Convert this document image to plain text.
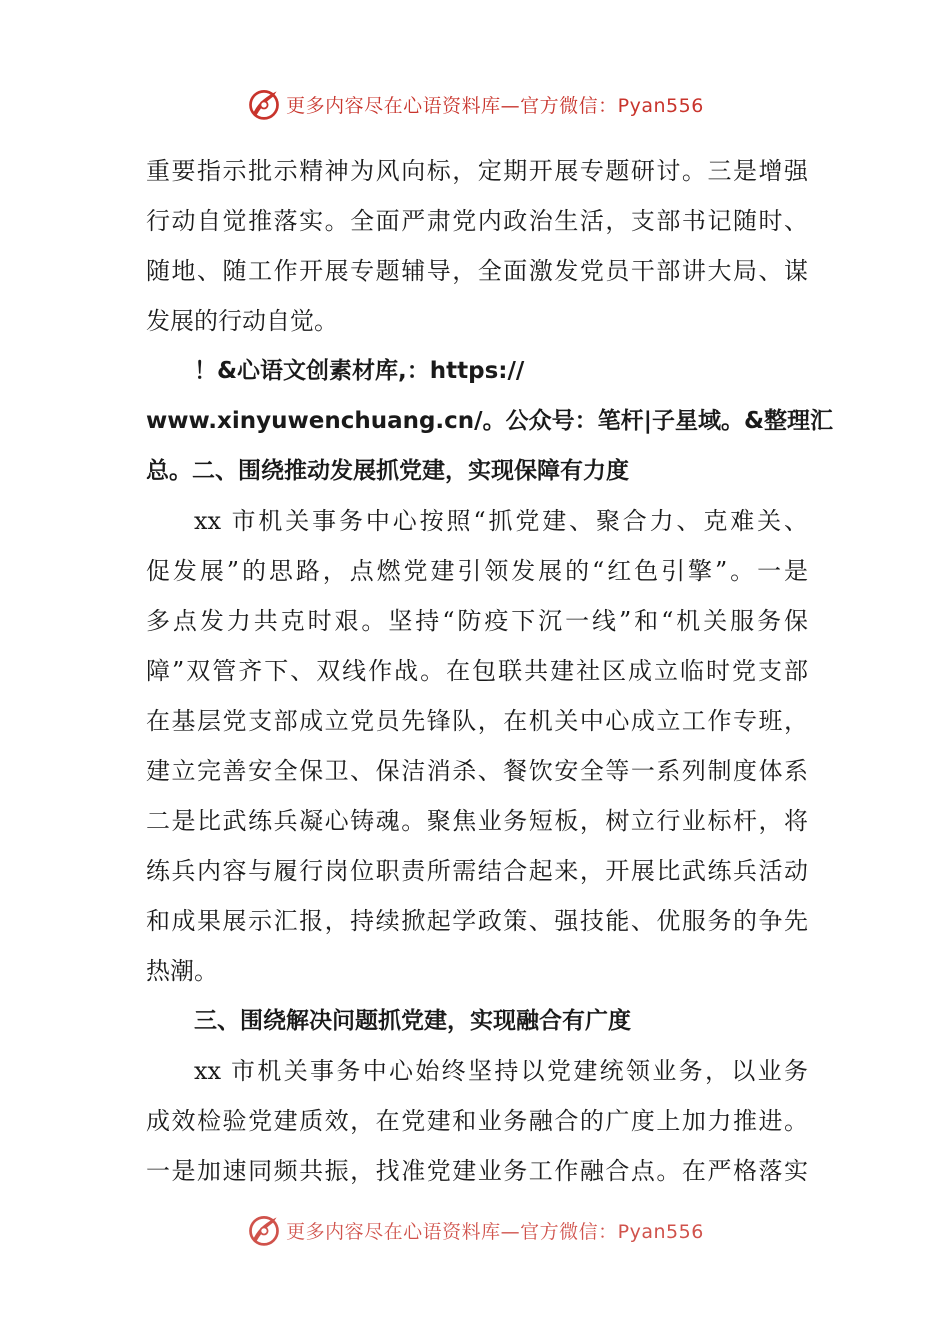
更多内容尽在心语资料库—官方微信：Pyan556
重要指示批示精神为风向标，定期开展专题研讨。三是增强
行动自觉推落实。全面严肃党内政治生活，支部书记随时、
随地、随工作开展专题辅导，全面激发党员干部讲大局、谋
发展的行动自觉。
！&心语文创素材库,：https://
www.xinyuwenchuang.cn/。公众号：笔杆|子星域。&整理汇
总。二、围绕推动发展抓党建，实现保障有力度
xx 市机关事务中心按照“抓党建、聚合力、克难关、
促发展”的思路，点燃党建引领发展的“红色引擎”。一是
多点发力共克时艰。坚持“防疫下沉一线”和“机关服务保
障”双管齐下、双线作战。在包联共建社区成立临时党支部
在基层党支部成立党员先锋队，在机关中心成立工作专班，
建立完善安全保卫、保洁消杀、餐饮安全等一系列制度体系
二是比武练兵凝心铸魂。聚焦业务短板，树立行业标杆，将
练兵内容与履行岗位职责所需结合起来，开展比武练兵活动
和成果展示汇报，持续掀起学政策、强技能、优服务的争先
热潮。
三、围绕解决问题抓党建，实现融合有广度
xx 市机关事务中心始终坚持以党建统领业务，以业务
成效检验党建质效，在党建和业务融合的广度上加力推进。
一是加速同频共振，找准党建业务工作融合点。在严格落实
更多内容尽在心语资料库—官方微信：Pyan556
